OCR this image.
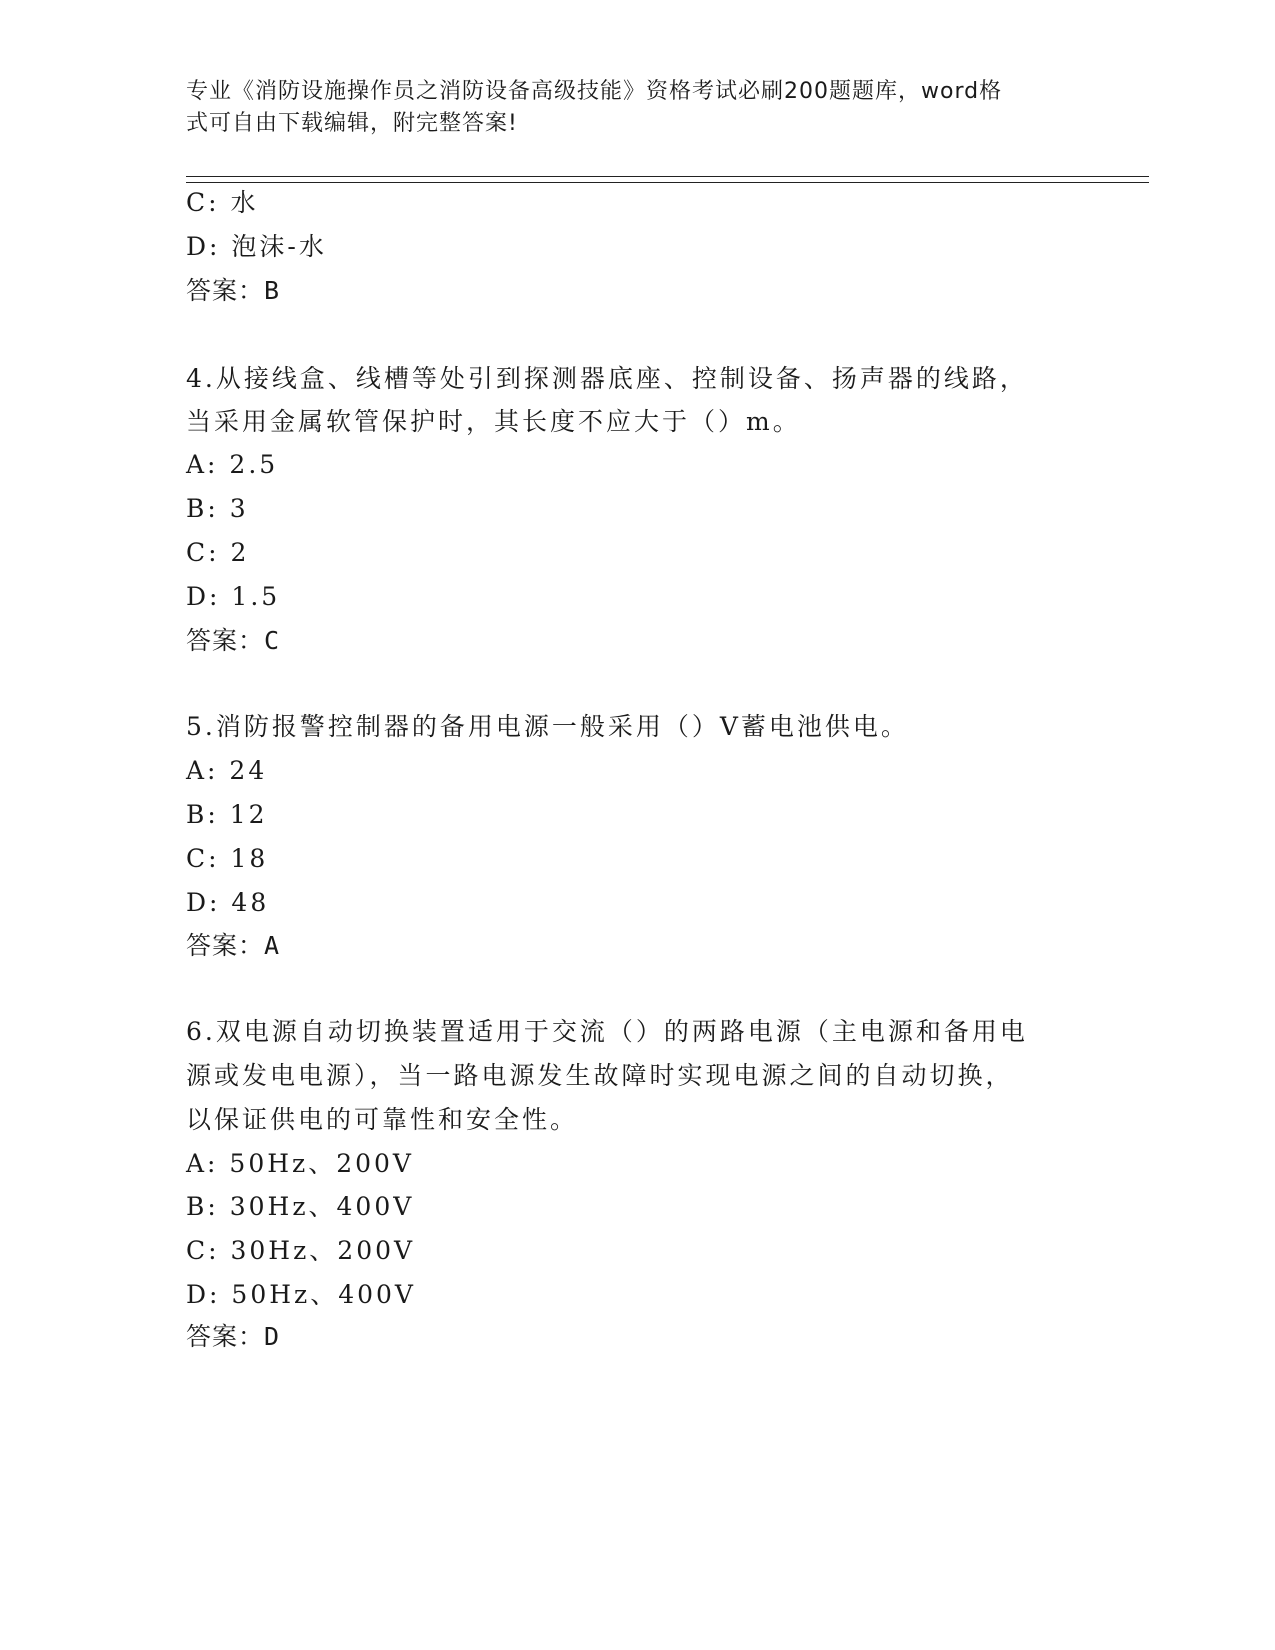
专业《消防设施操作员之消防设备高级技能》资格考试必刷200题题库，word格
式可自由下载编辑，附完整答案!
C: 水
D: 泡沫-水
答案：B
4.从接线盒、线槽等处引到探测器底座、控制设备、扬声器的线路，
当采用金属软管保护时，其长度不应大于（）m。
A: 2.5
B: 3
C: 2
D: 1.5
答案：C
5.消防报警控制器的备用电源一般采用（）V蓄电池供电。
A: 24
B: 12
C: 18
D: 48
答案：A
6.双电源自动切换装置适用于交流（）的两路电源（主电源和备用电
源或发电电源），当一路电源发生故障时实现电源之间的自动切换，
以保证供电的可靠性和安全性。
A: 50Hz、200V
B: 30Hz、400V
C: 30Hz、200V
D: 50Hz、400V
答案：D
